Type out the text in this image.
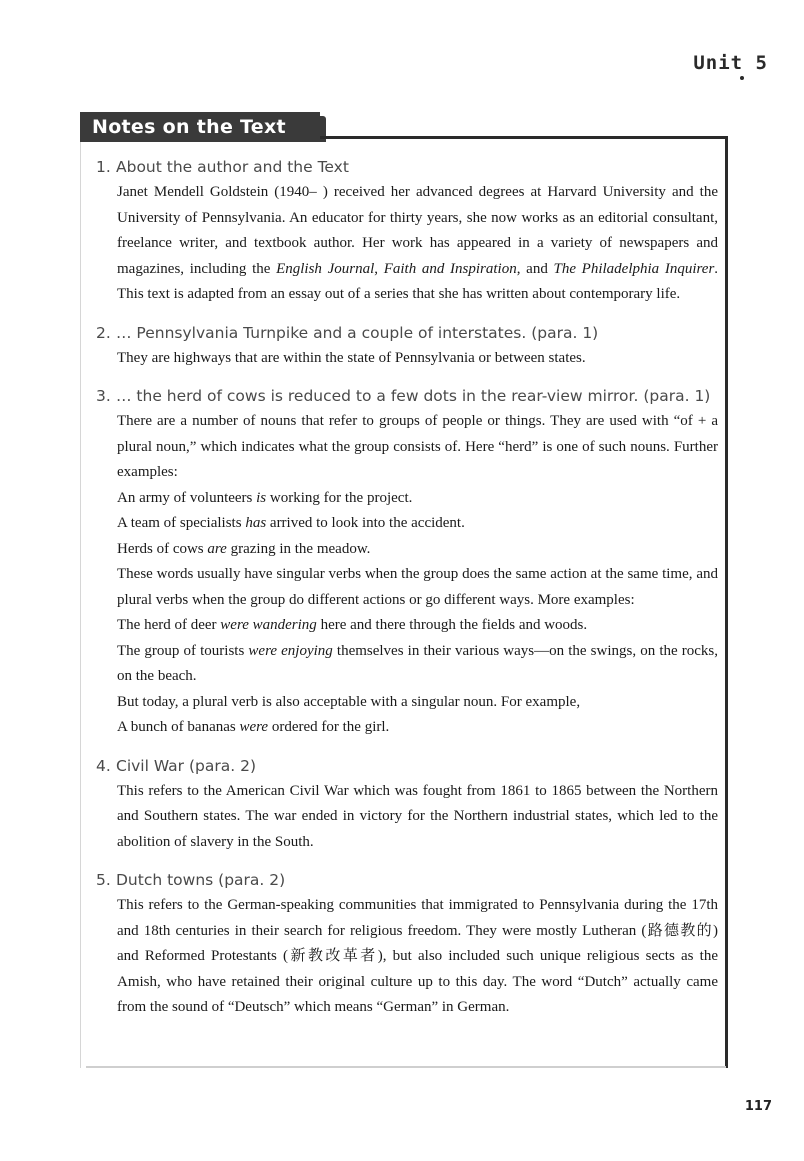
Unit 5
Notes on the Text
1. About the author and the Text

Janet Mendell Goldstein (1940– ) received her advanced degrees at Harvard University and the University of Pennsylvania. An educator for thirty years, she now works as an editorial consultant, freelance writer, and textbook author. Her work has appeared in a variety of newspapers and magazines, including the English Journal, Faith and Inspiration, and The Philadelphia Inquirer. This text is adapted from an essay out of a series that she has written about contemporary life.

2. … Pennsylvania Turnpike and a couple of interstates. (para. 1)

They are highways that are within the state of Pennsylvania or between states.

3. … the herd of cows is reduced to a few dots in the rear-view mirror. (para. 1)

There are a number of nouns that refer to groups of people or things. They are used with “of + a plural noun,” which indicates what the group consists of. Here “herd” is one of such nouns. Further examples:

An army of volunteers is working for the project.

A team of specialists has arrived to look into the accident.

Herds of cows are grazing in the meadow.

These words usually have singular verbs when the group does the same action at the same time, and plural verbs when the group do different actions or go different ways. More examples:

The herd of deer were wandering here and there through the fields and woods.

The group of tourists were enjoying themselves in their various ways—on the swings, on the rocks, on the beach.

But today, a plural verb is also acceptable with a singular noun. For example,

A bunch of bananas were ordered for the girl.

4. Civil War (para. 2)

This refers to the American Civil War which was fought from 1861 to 1865 between the Northern and Southern states. The war ended in victory for the Northern industrial states, which led to the abolition of slavery in the South.

5. Dutch towns (para. 2)

This refers to the German-speaking communities that immigrated to Pennsylvania during the 17th and 18th centuries in their search for religious freedom. They were mostly Lutheran (路德教的) and Reformed Protestants (新教改革者), but also included such unique religious sects as the Amish, who have retained their original culture up to this day. The word “Dutch” actually came from the sound of “Deutsch” which means “German” in German.

117
